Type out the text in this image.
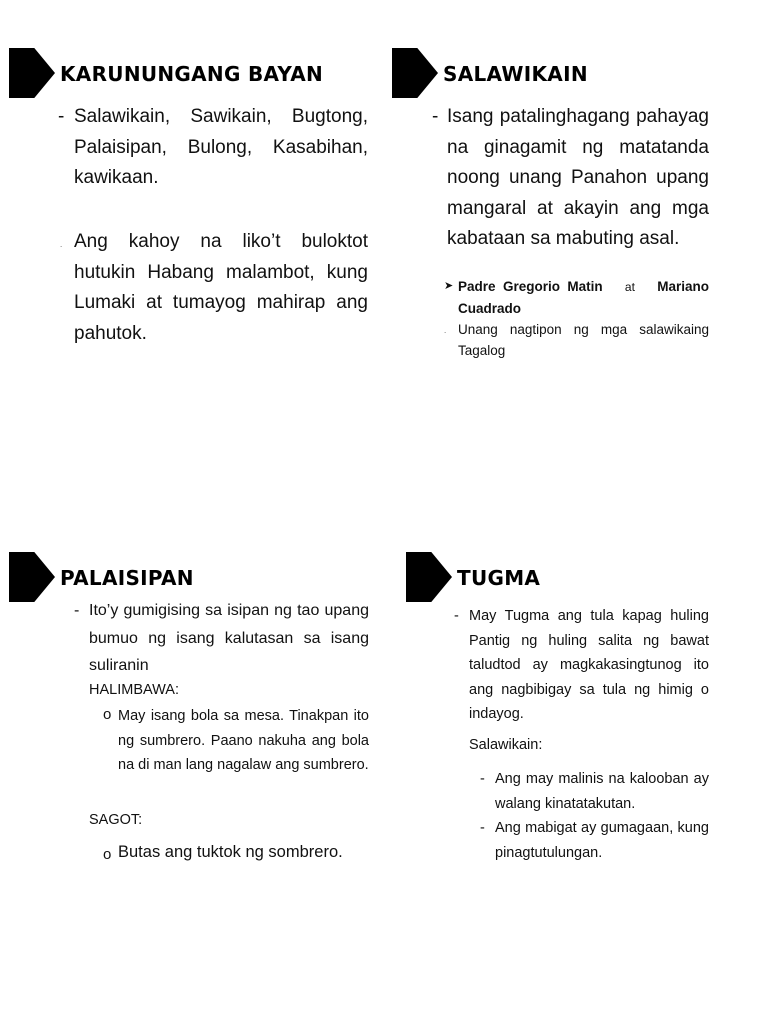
KARUNUNGANG BAYAN
- Salawikain, Sawikain, Bugtong, Palaisipan, Bulong, Kasabihan, kawikaan.
. Ang kahoy na liko’t buloktot hutukin Habang malambot, kung Lumaki at tumayog mahirap ang pahutok.
SALAWIKAIN
- Isang patalinghagang pahayag na ginagamit ng matatanda noong unang Panahon upang mangaral at akayin ang mga kabataan sa mabuting asal.
➤ Padre Gregorio Matin at Mariano Cuadrado
. Unang nagtipon ng mga salawikaing Tagalog
PALAISIPAN
- Ito’y gumigising sa isipan ng tao upang bumuo ng isang kalutasan sa isang suliranin
HALIMBAWA:
o May isang bola sa mesa. Tinakpan ito ng sumbrero. Paano nakuha ang bola na di man lang nagalaw ang sumbrero.
SAGOT:
o Butas ang tuktok ng sombrero.
TUGMA
- May Tugma ang tula kapag huling Pantig ng huling salita ng bawat taludtod ay magkakasingtunog ito ang nagbibigay sa tula ng himig o indayog.
Salawikain:
- Ang may malinis na kalooban ay walang kinatatakutan.
- Ang mabigat ay gumagaan, kung pinagtutulungan.
